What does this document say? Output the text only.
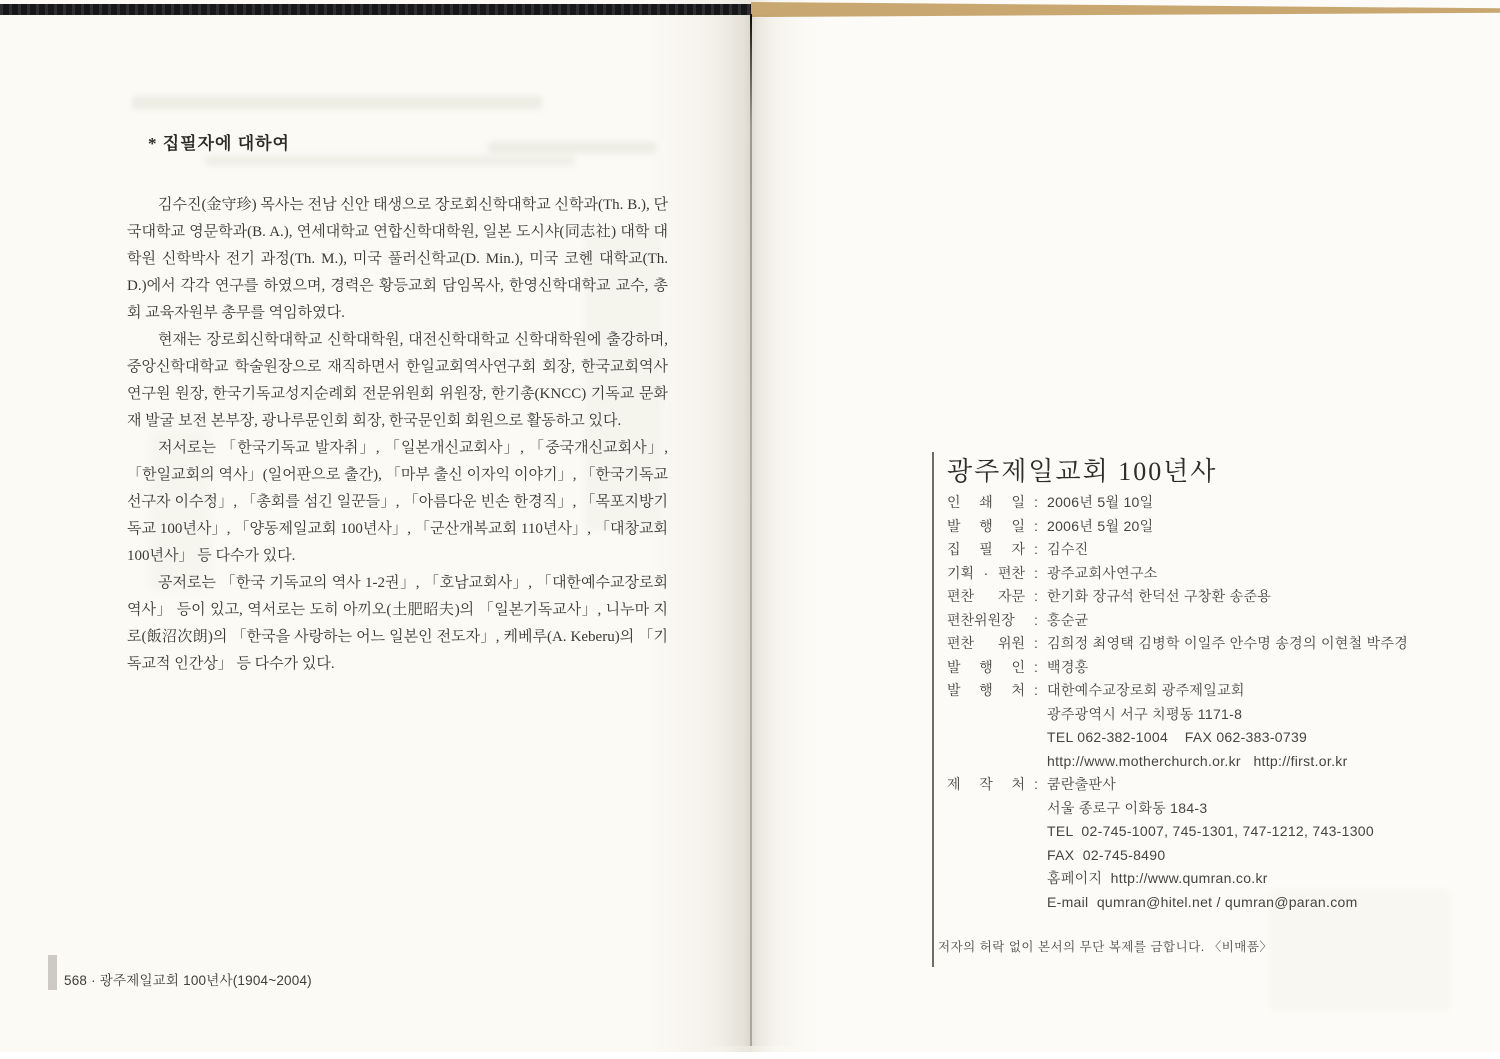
* 집필자에 대하여

김수진(金守珍) 목사는 전남 신안 태생으로 장로회신학대학교 신학과(Th. B.), 단국대학교 영문학과(B. A.), 연세대학교 연합신학대학원, 일본 도시샤(同志社) 대학 대학원 신학박사 전기 과정(Th. M.), 미국 풀러신학교(D. Min.), 미국 코헨 대학교(Th. D.)에서 각각 연구를 하였으며, 경력은 황등교회 담임목사, 한영신학대학교 교수, 총회 교육자원부 총무를 역임하였다.

현재는 장로회신학대학교 신학대학원, 대전신학대학교 신학대학원에 출강하며, 중앙신학대학교 학술원장으로 재직하면서 한일교회역사연구회 회장, 한국교회역사연구원 원장, 한국기독교성지순례회 전문위원회 위원장, 한기총(KNCC) 기독교 문화재 발굴 보전 본부장, 광나루문인회 회장, 한국문인회 회원으로 활동하고 있다.

저서로는 「한국기독교 발자취」, 「일본개신교회사」, 「중국개신교회사」, 「한일교회의 역사」(일어판으로 출간), 「마부 출신 이자익 이야기」, 「한국기독교 선구자 이수정」, 「총회를 섬긴 일꾼들」, 「아름다운 빈손 한경직」, 「목포지방기독교 100년사」, 「양동제일교회 100년사」, 「군산개복교회 110년사」, 「대창교회 100년사」 등 다수가 있다.

공저로는 「한국 기독교의 역사 1-2권」, 「호남교회사」, 「대한예수교장로회 역사」 등이 있고, 역서로는 도히 아끼오(土肥昭夫)의 「일본기독교사」, 니누마 지로(飯沼次朗)의 「한국을 사랑하는 어느 일본인 전도자」, 케베루(A. Keberu)의 「기독교적 인간상」 등 다수가 있다.

568 · 광주제일교회 100년사(1904~2004)
광주제일교회 100년사
인 쇄 일 : 2006년 5월 10일
발 행 일 : 2006년 5월 20일
집 필 자 : 김수진
기획 · 편찬 : 광주교회사연구소
편찬 자문 : 한기화 장규석 한덕선 구창환 송준용
편찬위원장 : 홍순균
편찬 위원 : 김희정 최영택 김병학 이일주 안수명 송경의 이현철 박주경
발 행 인 : 백경홍
발 행 처 : 대한예수교장로회 광주제일교회
광주광역시 서구 치평동 1171-8
TEL 062-382-1004    FAX 062-383-0739
http://www.motherchurch.or.kr   http://first.or.kr
제 작 처 : 쿰란출판사
서울 종로구 이화동 184-3
TEL  02-745-1007, 745-1301, 747-1212, 743-1300
FAX  02-745-8490
홈페이지  http://www.qumran.co.kr
E-mail  qumran@hitel.net / qumran@paran.com
저자의 허락 없이 본서의 무단 복제를 금합니다. 〈비매품〉
